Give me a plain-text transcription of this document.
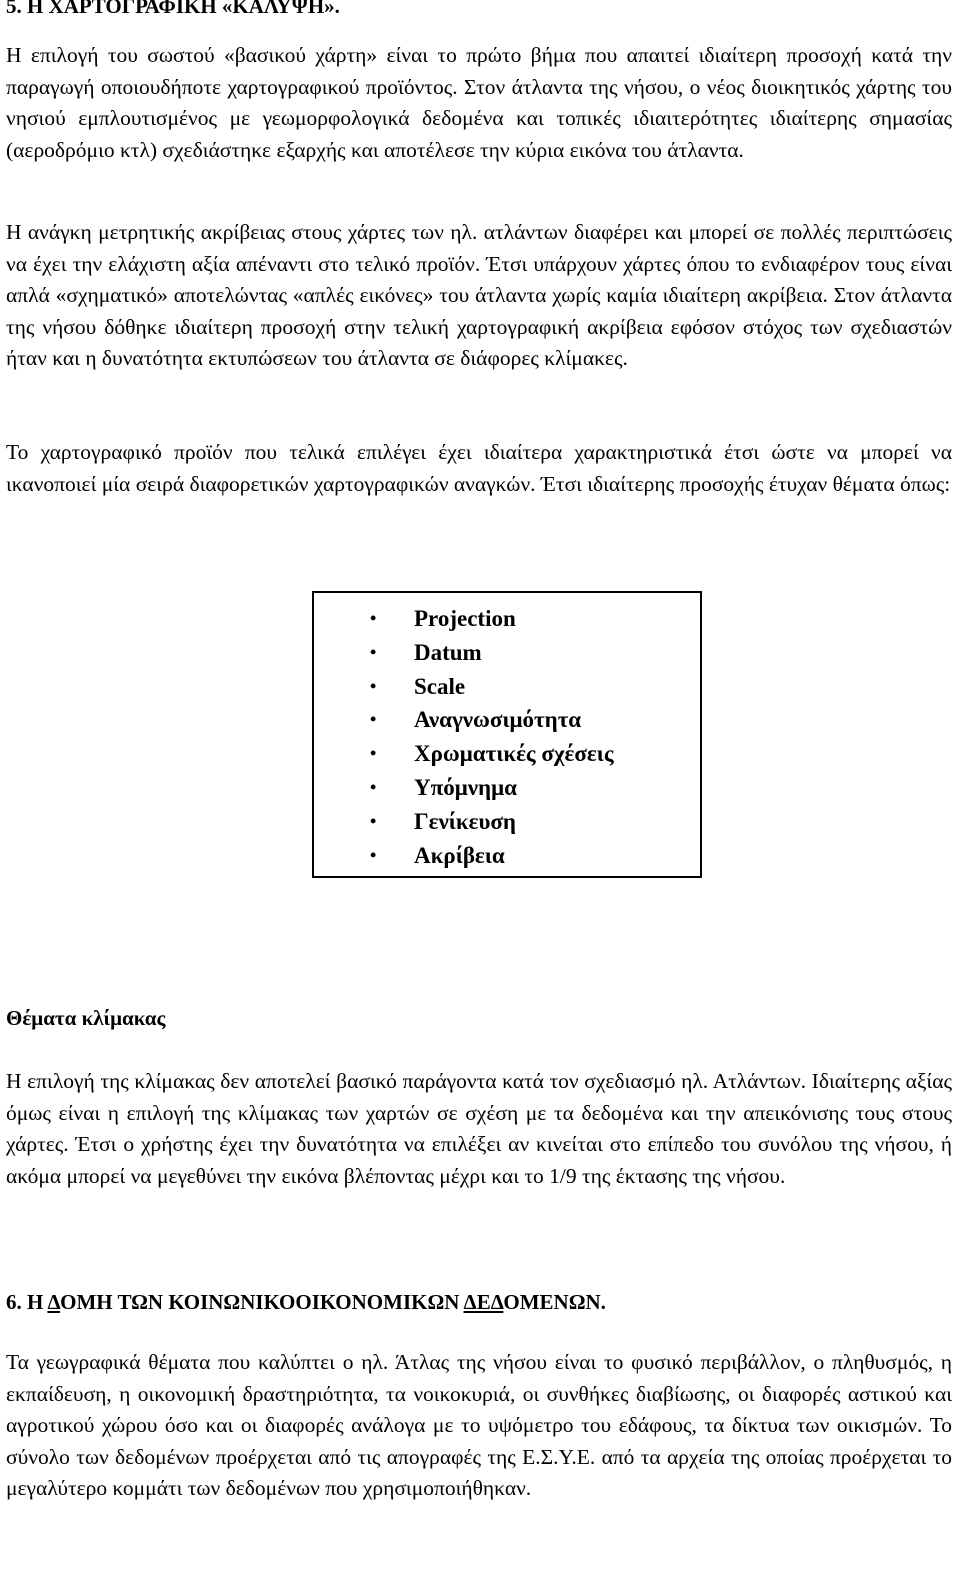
5. Η ΧΑΡΤΟΓΡΑΦΙΚΗ «ΚΑΛΥΨΗ».

Η επιλογή του σωστού «βασικού χάρτη» είναι το πρώτο βήμα που απαιτεί ιδιαίτερη προσοχή κατά την παραγωγή οποιουδήποτε χαρτογραφικού προϊόντος. Στον άτλαντα της νήσου, ο νέος διοικητικός χάρτης του νησιού εμπλουτισμένος με γεωμορφολογικά δεδομένα και τοπικές ιδιαιτερότητες ιδιαίτερης σημασίας (αεροδρόμιο κτλ) σχεδιάστηκε εξαρχής και αποτέλεσε την κύρια εικόνα του άτλαντα.

Η ανάγκη μετρητικής ακρίβειας στους χάρτες των ηλ. ατλάντων διαφέρει και μπορεί σε πολλές περιπτώσεις να έχει την ελάχιστη αξία απέναντι στο τελικό προϊόν. Έτσι υπάρχουν χάρτες όπου το ενδιαφέρον τους είναι απλά «σχηματικό» αποτελώντας «απλές εικόνες» του άτλαντα χωρίς καμία ιδιαίτερη ακρίβεια. Στον άτλαντα της νήσου δόθηκε ιδιαίτερη προσοχή στην τελική χαρτογραφική ακρίβεια εφόσον στόχος των σχεδιαστών ήταν και η δυνατότητα εκτυπώσεων του άτλαντα σε διάφορες κλίμακες.

Το χαρτογραφικό προϊόν που τελικά επιλέγει έχει ιδιαίτερα χαρακτηριστικά έτσι ώστε να μπορεί να ικανοποιεί μία σειρά διαφορετικών χαρτογραφικών αναγκών. Έτσι ιδιαίτερης προσοχής έτυχαν θέματα όπως:

Θέματα κλίμακας

Η επιλογή της κλίμακας δεν αποτελεί βασικό παράγοντα κατά τον σχεδιασμό ηλ. Ατλάντων. Ιδιαίτερης αξίας όμως είναι η επιλογή της κλίμακας των χαρτών σε σχέση με τα δεδομένα και την απεικόνισης τους στους χάρτες. Έτσι ο χρήστης έχει την δυνατότητα να επιλέξει αν κινείται στο επίπεδο του συνόλου της νήσου, ή ακόμα μπορεί να μεγεθύνει την εικόνα βλέποντας μέχρι και το 1/9 της έκτασης της νήσου.

6. Η ΔΟΜΗ ΤΩΝ ΚΟΙΝΩΝΙΚΟΟΙΚΟΝΟΜΙΚΩΝ ΔΕΔΟΜΕΝΩΝ.

Τα γεωγραφικά θέματα που καλύπτει ο ηλ. Άτλας της νήσου είναι το φυσικό περιβάλλον, ο πληθυσμός, η εκπαίδευση, η οικονομική δραστηριότητα, τα νοικοκυριά, οι συνθήκες διαβίωσης, οι διαφορές αστικού και αγροτικού χώρου όσο και οι διαφορές ανάλογα με το υψόμετρο του εδάφους, τα δίκτυα των οικισμών. Το σύνολο των δεδομένων προέρχεται από τις απογραφές της Ε.Σ.Υ.Ε. από τα αρχεία της οποίας προέρχεται το μεγαλύτερο κομμάτι των δεδομένων που χρησιμοποιήθηκαν.

• Projection
• Datum
• Scale
• Αναγνωσιμότητα
• Χρωματικές σχέσεις
• Υπόμνημα
• Γενίκευση
• Ακρίβεια
